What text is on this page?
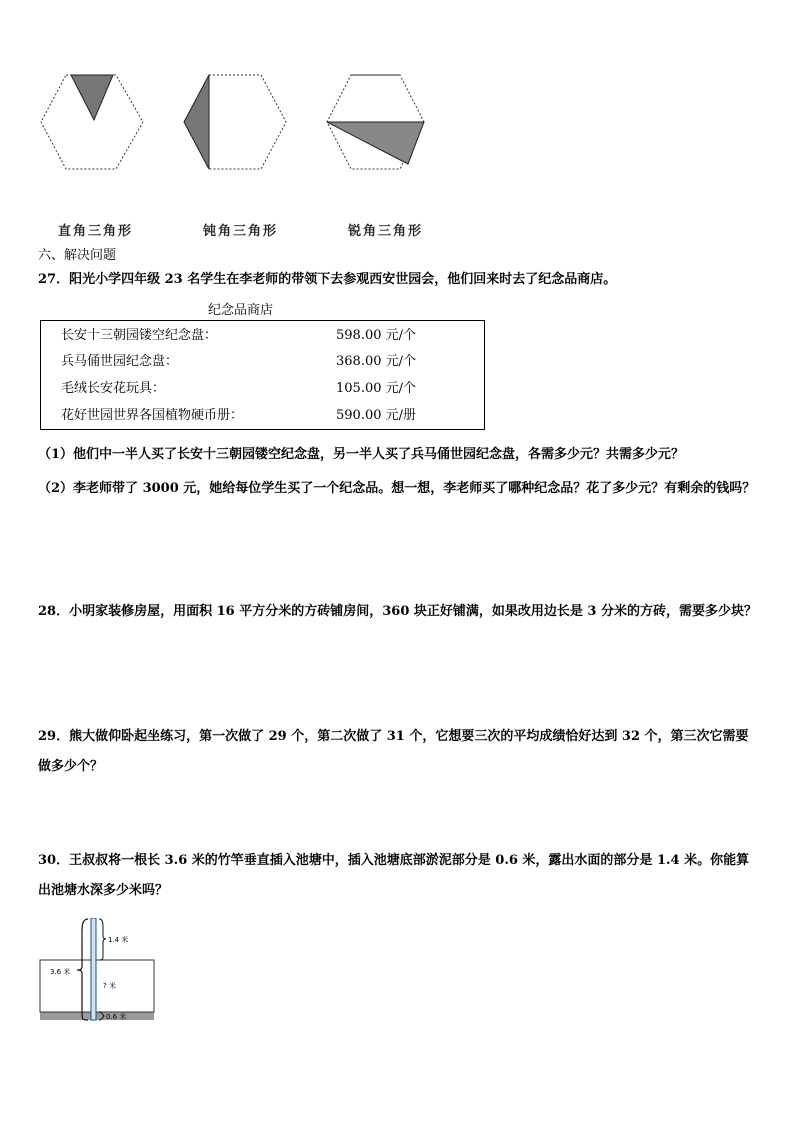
直角三角形	钝角三角形	锐角三角形
六、解决问题
27．阳光小学四年级 23 名学生在李老师的带领下去参观西安世园会，他们回来时去了纪念品商店。
纪念品商店
长安十三朝园镂空纪念盘：	598.00 元/个
兵马俑世园纪念盘：	368.00 元/个
毛绒长安花玩具：	105.00 元/个
花好世园世界各国植物硬币册：	590.00 元/册
（1）他们中一半人买了长安十三朝园镂空纪念盘，另一半人买了兵马俑世园纪念盘，各需多少元？共需多少元？
（2）李老师带了 3000 元，她给每位学生买了一个纪念品。想一想，李老师买了哪种纪念品？花了多少元？有剩余的钱吗？
28．小明家装修房屋，用面积 16 平方分米的方砖铺房间，360 块正好铺满，如果改用边长是 3 分米的方砖，需要多少块？
29．熊大做仰卧起坐练习，第一次做了 29 个，第二次做了 31 个，它想要三次的平均成绩恰好达到 32 个，第三次它需要做多少个？
30．王叔叔将一根长 3.6 米的竹竿垂直插入池塘中，插入池塘底部淤泥部分是 0.6 米，露出水面的部分是 1.4 米。你能算出池塘水深多少米吗？
3.6 米
1.4 米
? 米
0.6 米
